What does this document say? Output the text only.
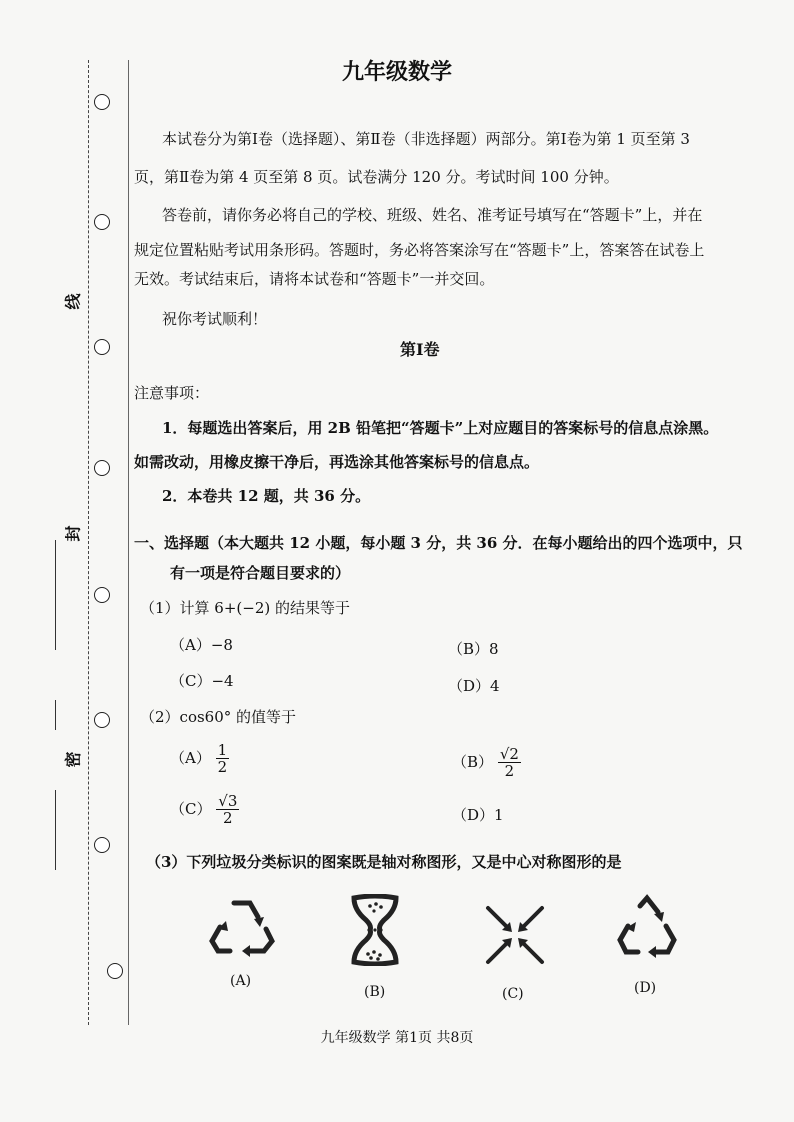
线
封
密
九年级数学
本试卷分为第Ⅰ卷（选择题）、第Ⅱ卷（非选择题）两部分。第Ⅰ卷为第 1 页至第 3
页，第Ⅱ卷为第 4 页至第 8 页。试卷满分 120 分。考试时间 100 分钟。
答卷前，请你务必将自己的学校、班级、姓名、准考证号填写在“答题卡”上，并在
规定位置粘贴考试用条形码。答题时，务必将答案涂写在“答题卡”上，答案答在试卷上
无效。考试结束后，请将本试卷和“答题卡”一并交回。
祝你考试顺利！
第Ⅰ卷
注意事项：
1．每题选出答案后，用 2B 铅笔把“答题卡”上对应题目的答案标号的信息点涂黑。
如需改动，用橡皮擦干净后，再选涂其他答案标号的信息点。
2．本卷共 12 题，共 36 分。
一、选择题（本大题共 12 小题，每小题 3 分，共 36 分．在每小题给出的四个选项中，只
有一项是符合题目要求的）
（1）计算 6+(−2) 的结果等于
（A）−8	（B）8
（C）−4	（D）4
（2）cos60° 的值等于
$(A) \frac{1}{2}$	$(B) \frac{√2}{2}$
$(C) \frac{√3}{2}$	（D）1
（3）下列垃圾分类标识的图案既是轴对称图形，又是中心对称图形的是
(A)
(B)	(C)	(D)
九年级数学 第1页 共8页
